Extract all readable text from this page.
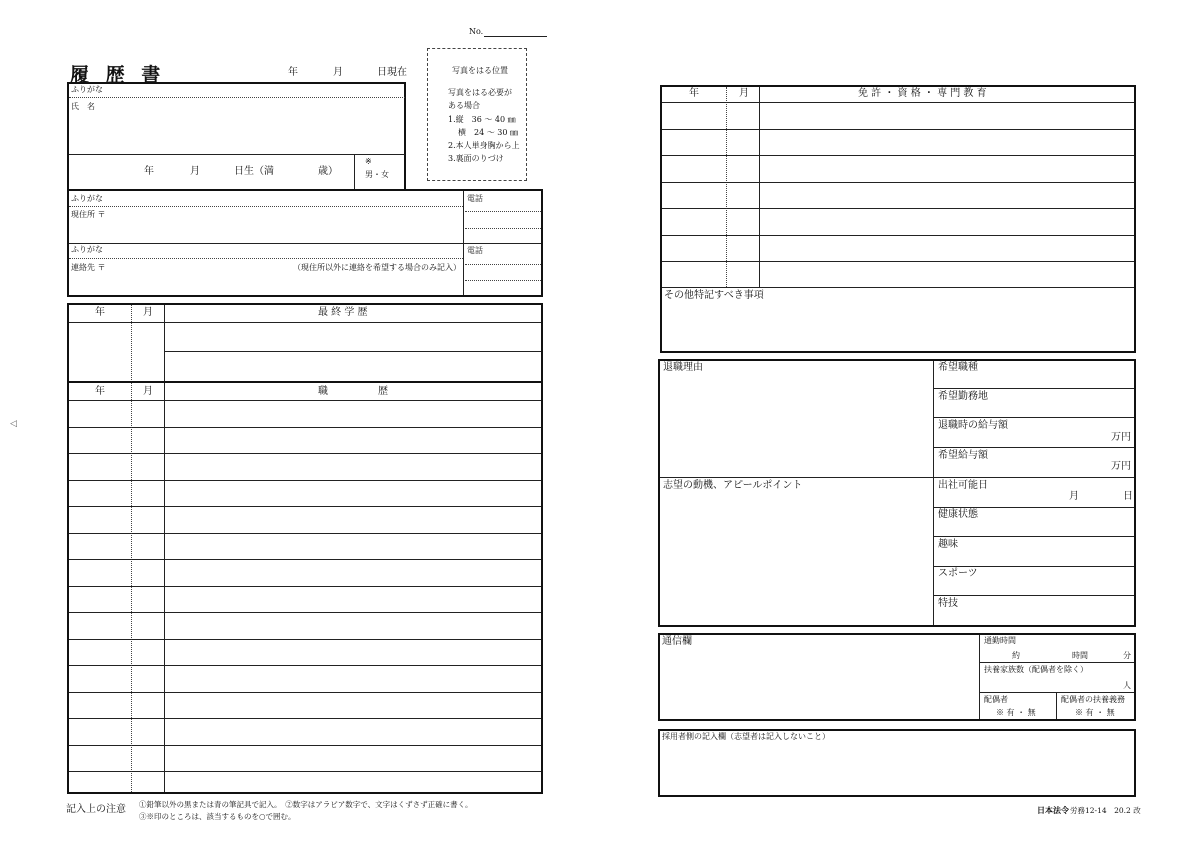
No.
履 歴 書	年	月	日現在	写真をはる位置
写真をはる必要が
ある場合
1.縦　36 ～ 40 ㎜
横　24 ～ 30 ㎜
2.本人単身胸から上
3.裏面のりづけ
ふりがな
氏　名
年	月	日生（満	歳）
※
男・女
ふりがな
現住所 〒
電話
ふりがな
連絡先 〒	（現住所以外に連絡を希望する場合のみ記入）
電話
年	月	最 終 学 歴
年	月	職　　　　　歴
記入上の注意 ①鉛筆以外の黒または青の筆記具で記入。　②数字はアラビア数字で、文字はくずさず正確に書く。
③※印のところは、該当するものを○で囲む。
◁
年	月	免 許 ・ 資 格 ・ 専 門 教 育
その他特記すべき事項
退職理由	希望職種
希望勤務地
退職時の給与額
万円
希望給与額
万円
志望の動機、アピールポイント	出社可能日
月	日
健康状態
趣味
スポーツ
特技
通信欄	通勤時間
約	時間	分
扶養家族数（配偶者を除く）
人
配偶者
※ 有 ・ 無
配偶者の扶養義務
※ 有 ・ 無
採用者側の記入欄（志望者は記入しないこと）
日本法令 労務12-14　20.2 改
